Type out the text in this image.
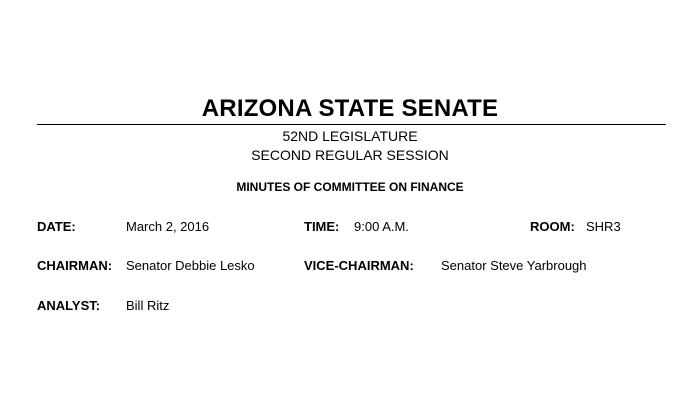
ARIZONA STATE SENATE
52ND LEGISLATURE
SECOND REGULAR SESSION
MINUTES OF COMMITTEE ON FINANCE
DATE:	March 2, 2016	TIME: 9:00 A.M.	ROOM: SHR3
CHAIRMAN: Senator Debbie Lesko	VICE-CHAIRMAN: Senator Steve Yarbrough
ANALYST: Bill Ritz
